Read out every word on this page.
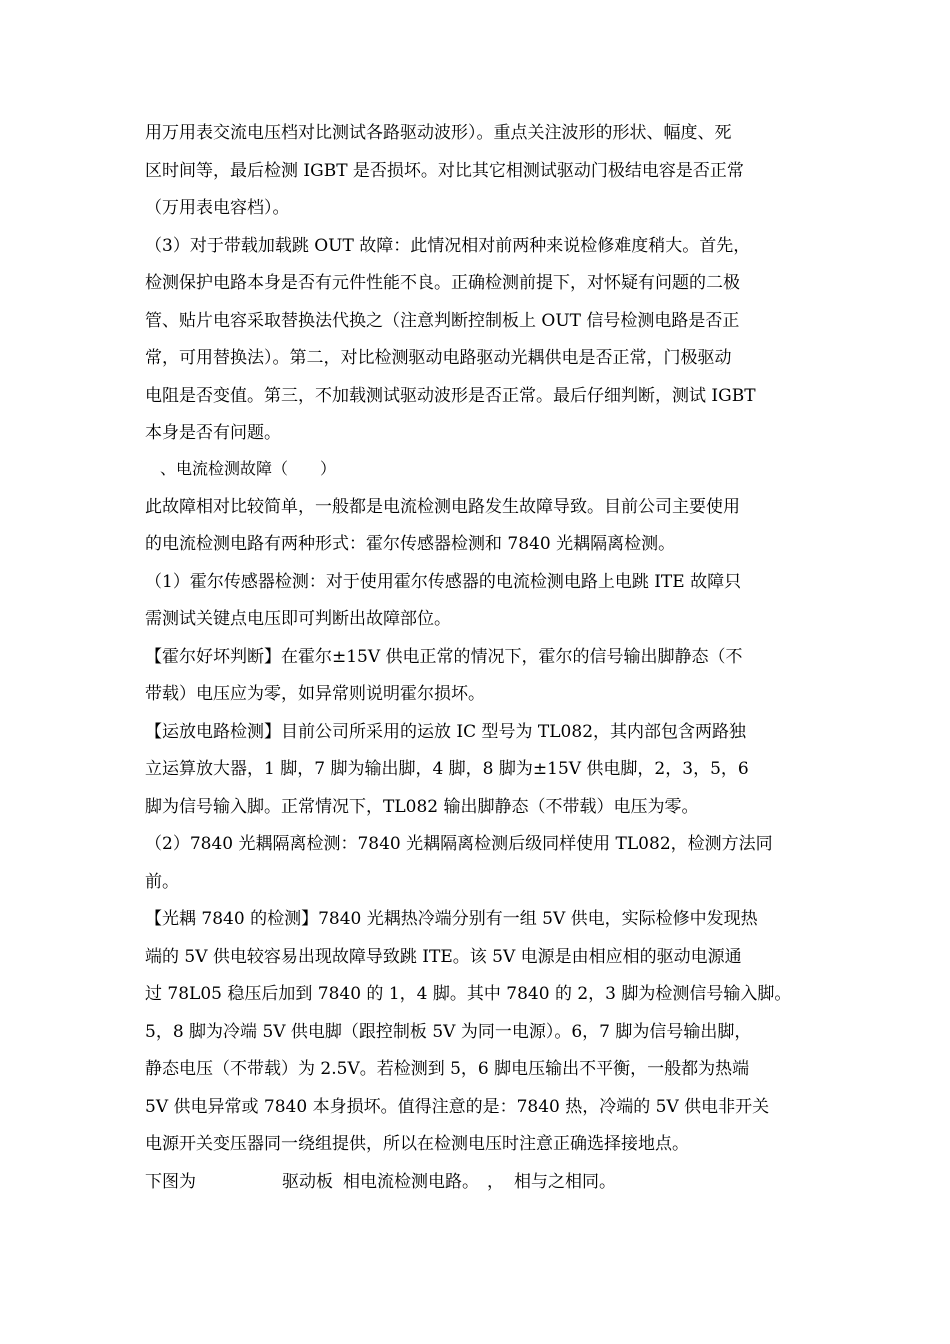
用万用表交流电压档对比测试各路驱动波形）。重点关注波形的形状、幅度、死
区时间等，最后检测 IGBT 是否损坏。对比其它相测试驱动门极结电容是否正常
（万用表电容档）。
（3）对于带载加载跳 OUT 故障：此情况相对前两种来说检修难度稍大。首先，
检测保护电路本身是否有元件性能不良。正确检测前提下，对怀疑有问题的二极
管、贴片电容采取替换法代换之（注意判断控制板上 OUT 信号检测电路是否正
常，可用替换法）。第二，对比检测驱动电路驱动光耦供电是否正常，门极驱动
电阻是否变值。第三，不加载测试驱动波形是否正常。最后仔细判断，测试 IGBT
本身是否有问题。
、电流检测故障（　　）
此故障相对比较简单，一般都是电流检测电路发生故障导致。目前公司主要使用
的电流检测电路有两种形式：霍尔传感器检测和 7840 光耦隔离检测。
（1）霍尔传感器检测：对于使用霍尔传感器的电流检测电路上电跳 ITE 故障只
需测试关键点电压即可判断出故障部位。
【霍尔好坏判断】在霍尔±15V 供电正常的情况下，霍尔的信号输出脚静态（不
带载）电压应为零，如异常则说明霍尔损坏。
【运放电路检测】目前公司所采用的运放 IC 型号为 TL082，其内部包含两路独
立运算放大器，1 脚，7 脚为输出脚，4 脚，8 脚为±15V 供电脚，2，3，5，6
脚为信号输入脚。正常情况下，TL082 输出脚静态（不带载）电压为零。
（2）7840 光耦隔离检测：7840 光耦隔离检测后级同样使用 TL082，检测方法同
前。
【光耦 7840 的检测】7840 光耦热冷端分别有一组 5V 供电，实际检修中发现热
端的 5V 供电较容易出现故障导致跳 ITE。该 5V 电源是由相应相的驱动电源通
过 78L05 稳压后加到 7840 的 1，4 脚。其中 7840 的 2，3 脚为检测信号输入脚。
5，8 脚为冷端 5V 供电脚（跟控制板 5V 为同一电源）。6，7 脚为信号输出脚，
静态电压（不带载）为 2.5V。若检测到 5，6 脚电压输出不平衡，一般都为热端
5V 供电异常或 7840 本身损坏。值得注意的是：7840 热，冷端的 5V 供电非开关
电源开关变压器同一绕组提供，所以在检测电压时注意正确选择接地点。
下图为	驱动板 相电流检测电路。 ， 相与之相同。
